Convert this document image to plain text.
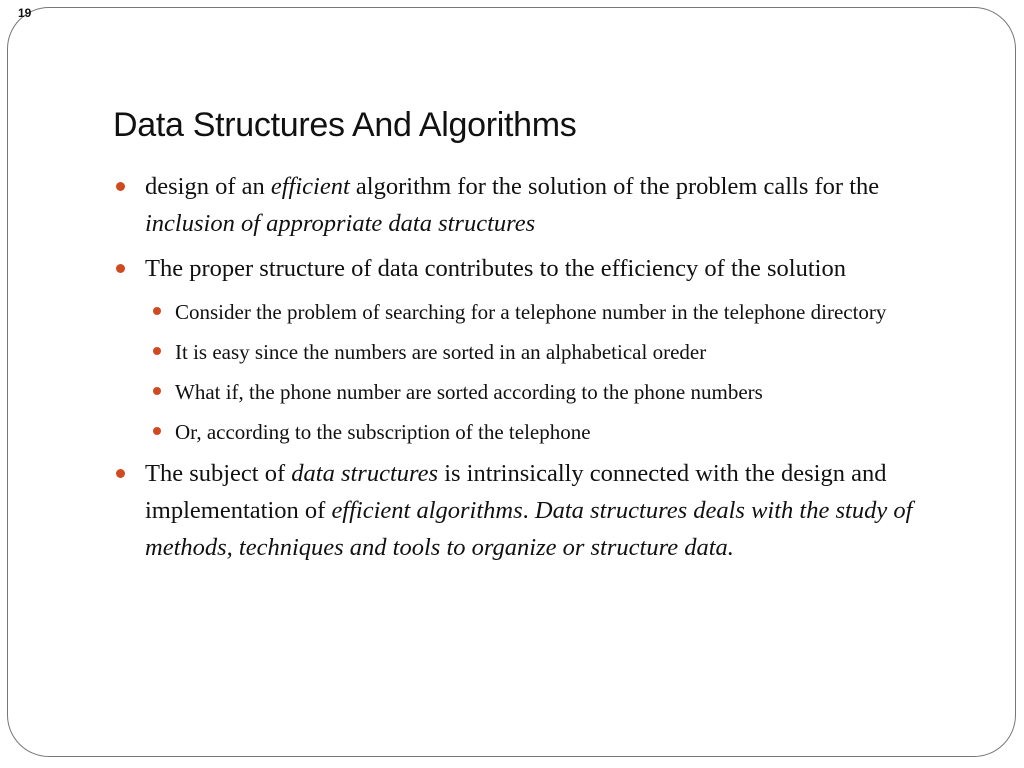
19
Data Structures And Algorithms
design of an efficient algorithm for the solution of the problem calls for the inclusion of appropriate data structures
The proper structure of data contributes to the efficiency of the solution
Consider the problem of searching for a telephone number in the telephone directory
It is easy since the numbers are sorted in an alphabetical oreder
What if, the phone number are sorted according to the phone numbers
Or, according to the subscription of the telephone
The subject of data structures is intrinsically connected with the design and implementation of efficient algorithms. Data structures deals with the study of methods, techniques and tools to organize or structure data.
